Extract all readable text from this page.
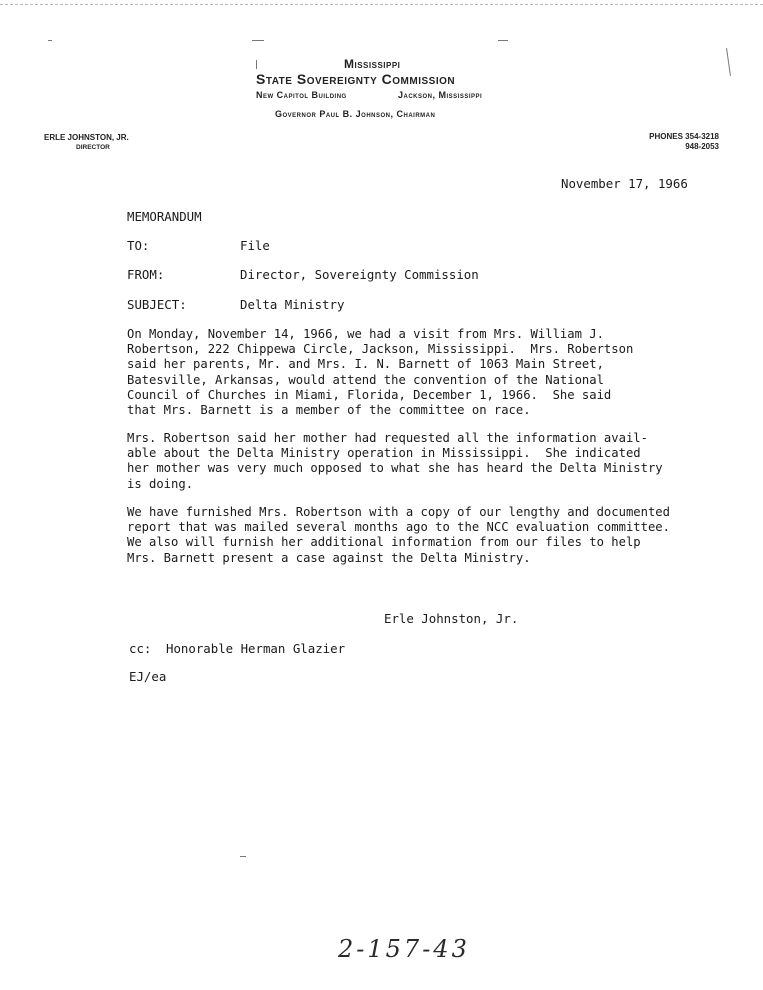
Mississippi
State Sovereignty Commission
New Capitol Building	Jackson, Mississippi
Governor Paul B. Johnson, Chairman
ERLE JOHNSTON, JR.
DIRECTOR
PHONES 354-3218
948-2053
November 17, 1966
MEMORANDUM
TO:	File
FROM:	Director, Sovereignty Commission
SUBJECT:	Delta Ministry
On Monday, November 14, 1966, we had a visit from Mrs. William J.
Robertson, 222 Chippewa Circle, Jackson, Mississippi.  Mrs. Robertson
said her parents, Mr. and Mrs. I. N. Barnett of 1063 Main Street,
Batesville, Arkansas, would attend the convention of the National
Council of Churches in Miami, Florida, December 1, 1966.  She said
that Mrs. Barnett is a member of the committee on race.
Mrs. Robertson said her mother had requested all the information avail-
able about the Delta Ministry operation in Mississippi.  She indicated
her mother was very much opposed to what she has heard the Delta Ministry
is doing.
We have furnished Mrs. Robertson with a copy of our lengthy and documented
report that was mailed several months ago to the NCC evaluation committee.
We also will furnish her additional information from our files to help
Mrs. Barnett present a case against the Delta Ministry.
Erle Johnston, Jr.
cc: Honorable Herman Glazier
EJ/ea
2-157-43
